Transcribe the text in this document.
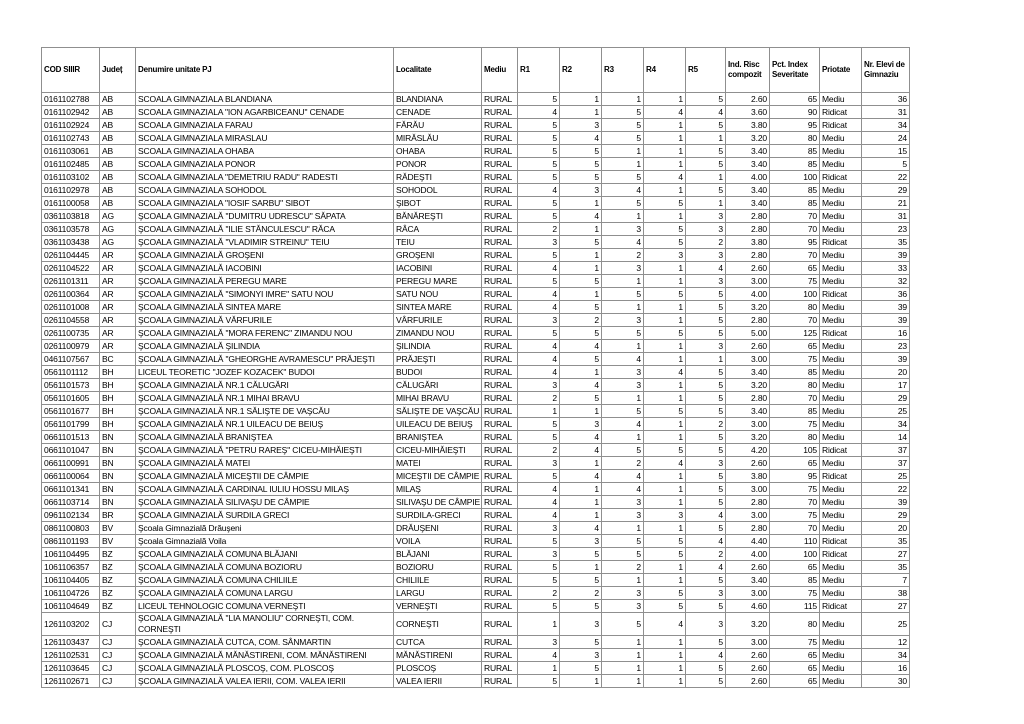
COD SIIIR	Județ	Denumire unitate PJ	Localitate	Mediu	R1	R2	R3	R4	R5	Ind. Risc compozit	Pct. Index Severitate	Priotate	Nr. Elevi de Gimnaziu
0161102788	AB	SCOALA GIMNAZIALA BLANDIANA	BLANDIANA	RURAL	5	1	1	1	5	2.60	65	Mediu	36
0161102942	AB	SCOALA GIMNAZIALA "ION AGARBICEANU" CENADE	CENADE	RURAL	4	1	5	4	4	3.60	90	Ridicat	31
0161102924	AB	SCOALA GIMNAZIALA FARAU	FĂRĂU	RURAL	5	3	5	1	5	3.80	95	Ridicat	34
0161102743	AB	SCOALA GIMNAZIALA MIRASLAU	MIRĂSLĂU	RURAL	5	4	5	1	1	3.20	80	Mediu	24
0161103061	AB	SCOALA GIMNAZIALA OHABA	OHABA	RURAL	5	5	1	1	5	3.40	85	Mediu	15
0161102485	AB	SCOALA GIMNAZIALA PONOR	PONOR	RURAL	5	5	1	1	5	3.40	85	Mediu	5
0161103102	AB	SCOALA GIMNAZIALA "DEMETRIU RADU" RADESTI	RĂDEŞTI	RURAL	5	5	5	4	1	4.00	100	Ridicat	22
0161102978	AB	SCOALA GIMNAZIALA SOHODOL	SOHODOL	RURAL	4	3	4	1	5	3.40	85	Mediu	29
0161100058	AB	SCOALA GIMNAZIALA "IOSIF SARBU" SIBOT	ŞIBOT	RURAL	5	1	5	5	1	3.40	85	Mediu	21
0361103818	AG	ŞCOALA GIMNAZIALĂ "DUMITRU UDRESCU" SĂPATA	BĂNĂREŞTI	RURAL	5	4	1	1	3	2.80	70	Mediu	31
0361103578	AG	ŞCOALA GIMNAZIALĂ "ILIE STĂNCULESCU" RĂCA	RÂCA	RURAL	2	1	3	5	3	2.80	70	Mediu	23
0361103438	AG	ŞCOALA GIMNAZIALĂ "VLADIMIR STREINU" TEIU	TEIU	RURAL	3	5	4	5	2	3.80	95	Ridicat	35
0261104445	AR	ŞCOALA GIMNAZIALĂ GROŞENI	GROŞENI	RURAL	5	1	2	3	3	2.80	70	Mediu	39
0261104522	AR	ŞCOALA GIMNAZIALĂ IACOBINI	IACOBINI	RURAL	4	1	3	1	4	2.60	65	Mediu	33
0261101311	AR	ŞCOALA GIMNAZIALĂ PEREGU MARE	PEREGU MARE	RURAL	5	5	1	1	3	3.00	75	Mediu	32
0261100364	AR	ŞCOALA GIMNAZIALĂ "SIMONYI IMRE" SATU NOU	SATU NOU	RURAL	4	1	5	5	5	4.00	100	Ridicat	36
0261101008	AR	ŞCOALA GIMNAZIALĂ SINTEA MARE	SINTEA MARE	RURAL	4	5	1	1	5	3.20	80	Mediu	39
0261104558	AR	ŞCOALA GIMNAZIALĂ VĂRFURILE	VÂRFURILE	RURAL	3	2	3	1	5	2.80	70	Mediu	39
0261100735	AR	ŞCOALA GIMNAZIALĂ "MORA FERENC" ZIMANDU NOU	ZIMANDU NOU	RURAL	5	5	5	5	5	5.00	125	Ridicat	16
0261100979	AR	ŞCOALA GIMNAZIALĂ ŞILINDIA	ŞILINDIA	RURAL	4	4	1	1	3	2.60	65	Mediu	23
0461107567	BC	ŞCOALA GIMNAZIALĂ "GHEORGHE AVRAMESCU" PRĂJEŞTI	PRĂJEŞTI	RURAL	4	5	4	1	1	3.00	75	Mediu	39
0561101112	BH	LICEUL TEORETIC "JOZEF KOZACEK" BUDOI	BUDOI	RURAL	4	1	3	4	5	3.40	85	Mediu	20
0561101573	BH	ŞCOALA GIMNAZIALĂ NR.1 CĂLUGĂRI	CĂLUGĂRI	RURAL	3	4	3	1	5	3.20	80	Mediu	17
0561101605	BH	ŞCOALA GIMNAZIALĂ NR.1 MIHAI BRAVU	MIHAI BRAVU	RURAL	2	5	1	1	5	2.80	70	Mediu	29
0561101677	BH	ŞCOALA GIMNAZIALĂ NR.1 SĂLIŞTE DE VAŞCĂU	SĂLIŞTE DE VAŞCĂU	RURAL	1	1	5	5	5	3.40	85	Mediu	25
0561101799	BH	ŞCOALA GIMNAZIALĂ NR.1 UILEACU DE BEIUŞ	UILEACU DE BEIUŞ	RURAL	5	3	4	1	2	3.00	75	Mediu	34
0661101513	BN	ŞCOALA GIMNAZIALĂ BRANIŞTEA	BRANIŞTEA	RURAL	5	4	1	1	5	3.20	80	Mediu	14
0661101047	BN	ŞCOALA GIMNAZIALĂ "PETRU RAREŞ" CICEU-MIHĂIEŞTI	CICEU-MIHĂIEŞTI	RURAL	2	4	5	5	5	4.20	105	Ridicat	37
0661100991	BN	ŞCOALA GIMNAZIALĂ MATEI	MATEI	RURAL	3	1	2	4	3	2.60	65	Mediu	37
0661100064	BN	ŞCOALA GIMNAZIALĂ MICEŞTII DE CÂMPIE	MICEŞTII DE CÂMPIE	RURAL	5	4	4	1	5	3.80	95	Ridicat	25
0661101341	BN	ŞCOALA GIMNAZIALĂ CARDINAL IULIU HOSSU MILAŞ	MILAŞ	RURAL	4	1	4	1	5	3.00	75	Mediu	22
0661103714	BN	ŞCOALA GIMNAZIALĂ SILIVAŞU DE CÂMPIE	SILIVAŞU DE CÂMPIE	RURAL	4	1	3	1	5	2.80	70	Mediu	39
0961102134	BR	ŞCOALA GIMNAZIALĂ SURDILA GRECI	SURDILA-GRECI	RURAL	4	1	3	3	4	3.00	75	Mediu	29
0861100803	BV	Şcoala Gimnazială Drăuşeni	DRĂUŞENI	RURAL	3	4	1	1	5	2.80	70	Mediu	20
0861101193	BV	Şcoala Gimnazială Voila	VOILA	RURAL	5	3	5	5	4	4.40	110	Ridicat	35
1061104495	BZ	ŞCOALA GIMNAZIALĂ COMUNA BLĂJANI	BLĂJANI	RURAL	3	5	5	5	2	4.00	100	Ridicat	27
1061106357	BZ	ŞCOALA GIMNAZIALĂ COMUNA BOZIORU	BOZIORU	RURAL	5	1	2	1	4	2.60	65	Mediu	35
1061104405	BZ	ŞCOALA GIMNAZIALĂ COMUNA CHILIILE	CHILIILE	RURAL	5	5	1	1	5	3.40	85	Mediu	7
1061104726	BZ	ŞCOALA GIMNAZIALĂ COMUNA LARGU	LARGU	RURAL	2	2	3	5	3	3.00	75	Mediu	38
1061104649	BZ	LICEUL TEHNOLOGIC COMUNA VERNEŞTI	VERNEŞTI	RURAL	5	5	3	5	5	4.60	115	Ridicat	27
1261103202	CJ	ŞCOALA GIMNAZIALĂ "LIA MANOLIU" CORNEŞTI, COM. CORNEŞTI	CORNEŞTI	RURAL	1	3	5	4	3	3.20	80	Mediu	25
1261103437	CJ	ŞCOALA GIMNAZIALĂ CUTCA, COM. SÂNMARTIN	CUTCA	RURAL	3	5	1	1	5	3.00	75	Mediu	12
1261102531	CJ	ŞCOALA GIMNAZIALĂ MĂNĂSTIRENI, COM. MĂNĂSTIRENI	MĂNĂSTIRENI	RURAL	4	3	1	1	4	2.60	65	Mediu	34
1261103645	CJ	ŞCOALA GIMNAZIALĂ PLOSCOŞ, COM. PLOSCOŞ	PLOSCOŞ	RURAL	1	5	1	1	5	2.60	65	Mediu	16
1261102671	CJ	ŞCOALA GIMNAZIALĂ VALEA IERII, COM. VALEA IERII	VALEA IERII	RURAL	5	1	1	1	5	2.60	65	Mediu	30
